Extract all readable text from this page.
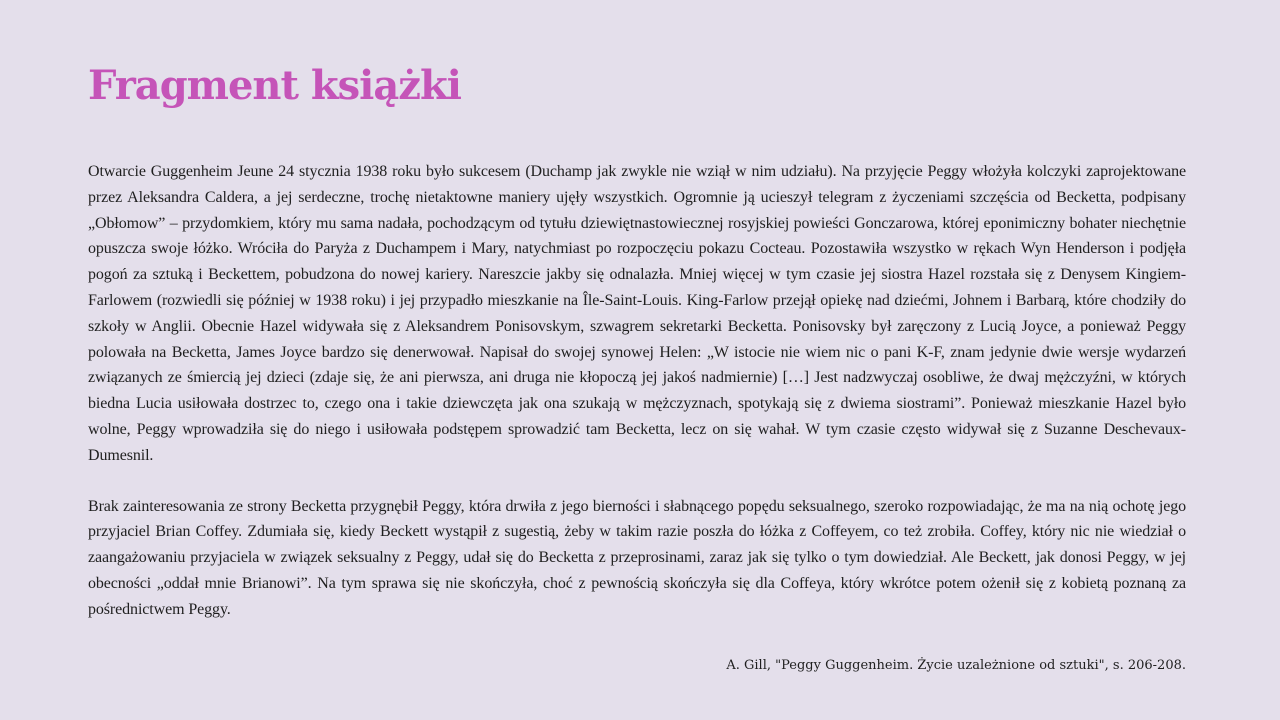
Fragment książki

Otwarcie Guggenheim Jeune 24 stycznia 1938 roku było sukcesem (Duchamp jak zwykle nie wziął w nim udziału). Na przyjęcie Peggy włożyła kolczyki zaprojektowane przez Aleksandra Caldera, a jej serdeczne, trochę nietaktowne maniery ujęły wszystkich. Ogromnie ją ucieszył telegram z życzeniami szczęścia od Becketta, podpisany „Obłomow” – przydomkiem, który mu sama nadała, pochodzącym od tytułu dziewiętnastowiecznej rosyjskiej powieści Gonczarowa, której eponimiczny bohater niechętnie opuszcza swoje łóżko. Wróciła do Paryża z Duchampem i Mary, natychmiast po rozpoczęciu pokazu Cocteau. Pozostawiła wszystko w rękach Wyn Henderson i podjęła pogoń za sztuką i Beckettem, pobudzona do nowej kariery. Nareszcie jakby się odnalazła. Mniej więcej w tym czasie jej siostra Hazel rozstała się z Denysem Kingiem-Farlowem (rozwiedli się później w 1938 roku) i jej przypadło mieszkanie na Île-Saint-Louis. King-Farlow przejął opiekę nad dziećmi, Johnem i Barbarą, które chodziły do szkoły w Anglii. Obecnie Hazel widywała się z Aleksandrem Ponisovskym, szwagrem sekretarki Becketta. Ponisovsky był zaręczony z Lucią Joyce, a ponieważ Peggy polowała na Becketta, James Joyce bardzo się denerwował. Napisał do swojej synowej Helen: „W istocie nie wiem nic o pani K-F, znam jedynie dwie wersje wydarzeń związanych ze śmiercią jej dzieci (zdaje się, że ani pierwsza, ani druga nie kłopoczą jej jakoś nadmiernie) […] Jest nadzwyczaj osobliwe, że dwaj mężczyźni, w których biedna Lucia usiłowała dostrzec to, czego ona i takie dziewczęta jak ona szukają w mężczyznach, spotykają się z dwiema siostrami”. Ponieważ mieszkanie Hazel było wolne, Peggy wprowadziła się do niego i usiłowała podstępem sprowadzić tam Becketta, lecz on się wahał. W tym czasie często widywał się z Suzanne Deschevaux-Dumesnil.

Brak zainteresowania ze strony Becketta przygnębił Peggy, która drwiła z jego bierności i słabnącego popędu seksualnego, szeroko rozpowiadając, że ma na nią ochotę jego przyjaciel Brian Coffey. Zdumiała się, kiedy Beckett wystąpił z sugestią, żeby w takim razie poszła do łóżka z Coffeyem, co też zrobiła. Coffey, który nic nie wiedział o zaangażowaniu przyjaciela w związek seksualny z Peggy, udał się do Becketta z przeprosinami, zaraz jak się tylko o tym dowiedział. Ale Beckett, jak donosi Peggy, w jej obecności „oddał mnie Brianowi”. Na tym sprawa się nie skończyła, choć z pewnością skończyła się dla Coffeya, który wkrótce potem ożenił się z kobietą poznaną za pośrednictwem Peggy.

A. Gill, "Peggy Guggenheim. Życie uzależnione od sztuki", s. 206-208.
